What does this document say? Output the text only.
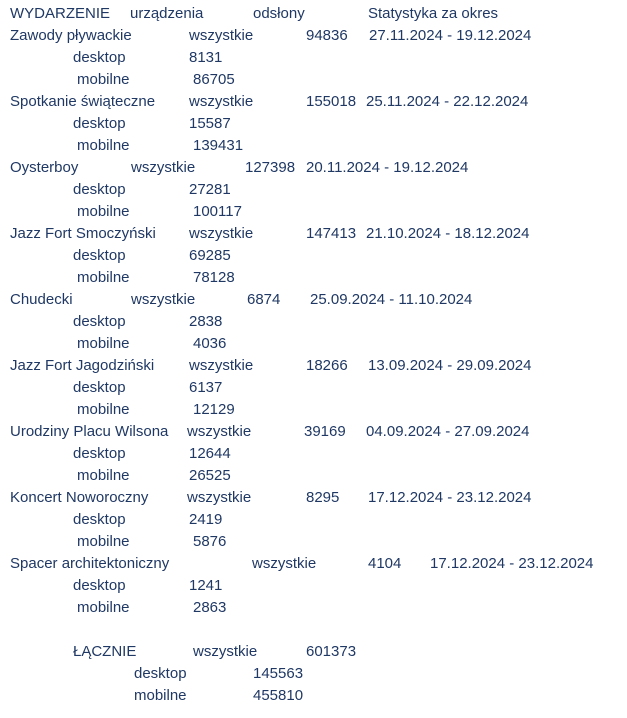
WYDARZENIE urządzenia	odsłony	Statystyka za okres
Zawody pływackie	wszystkie	94836 27.11.2024 - 19.12.2024
desktop	8131
mobilne	86705
Spotkanie świąteczne wszystkie	155018 25.11.2024 - 22.12.2024
desktop	15587
mobilne	139431
Oysterboy	wszystkie	127398 20.11.2024 - 19.12.2024
desktop	27281
mobilne	100117
Jazz Fort Smoczyński wszystkie	147413 21.10.2024 - 18.12.2024
desktop	69285
mobilne	78128
Chudecki	wszystkie	6874 25.09.2024 - 11.10.2024
desktop	2838
mobilne	4036
Jazz Fort Jagodziński wszystkie	18266 13.09.2024 - 29.09.2024
desktop	6137
mobilne	12129
Urodziny Placu Wilsona wszystkie	39169 04.09.2024 - 27.09.2024
desktop	12644
mobilne	26525
Koncert Noworoczny	wszystkie	8295 17.12.2024 - 23.12.2024
desktop	2419
mobilne	5876
Spacer architektoniczny	wszystkie	4104 17.12.2024 - 23.12.2024
desktop	1241
mobilne	2863
ŁĄCZNIE	wszystkie	601373
desktop	145563
mobilne	455810
